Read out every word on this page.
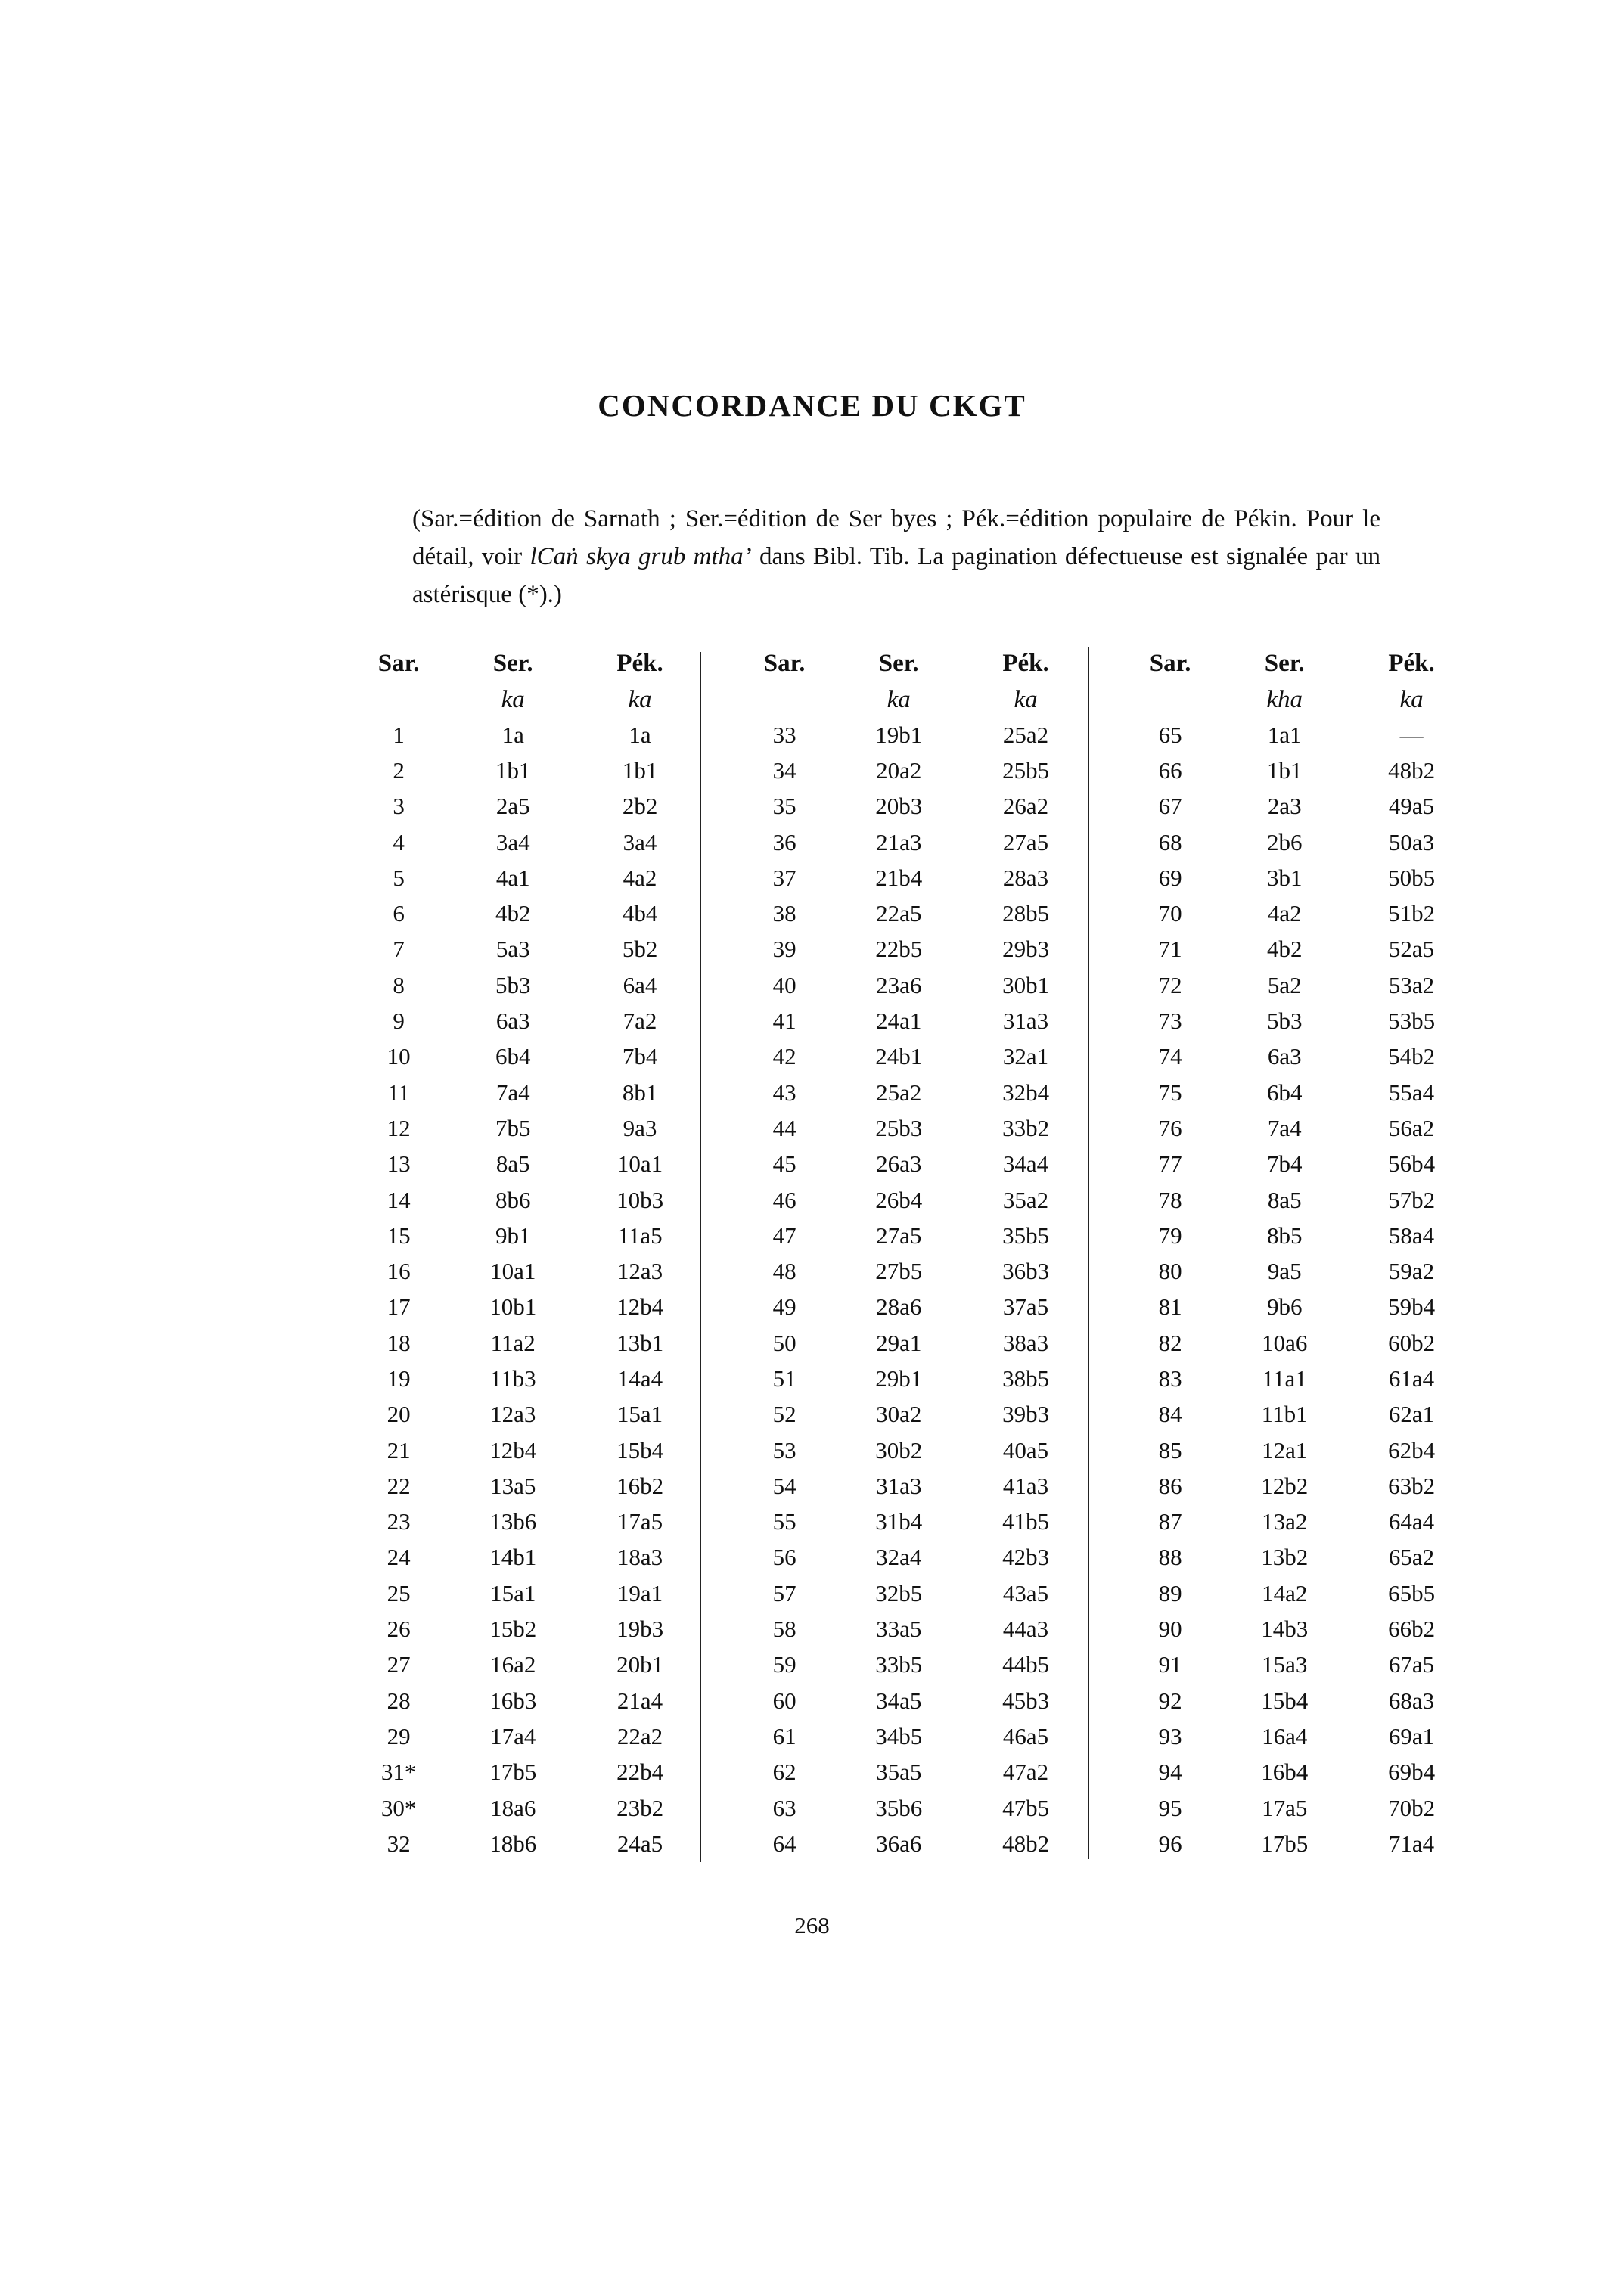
CONCORDANCE DU CKGT

(Sar.=édition de Sarnath ; Ser.=édition de Ser byes ; Pék.=édition populaire de Pékin. Pour le détail, voir lCaṅ skya grub mtha’ dans Bibl. Tib. La pagination défectueuse est signalée par un astérisque (*).)

Sar.	Ser.	Pék.
	ka	ka
1	1a	1a
2	1b1	1b1
3	2a5	2b2
4	3a4	3a4
5	4a1	4a2
6	4b2	4b4
7	5a3	5b2
8	5b3	6a4
9	6a3	7a2
10	6b4	7b4
11	7a4	8b1
12	7b5	9a3
13	8a5	10a1
14	8b6	10b3
15	9b1	11a5
16	10a1	12a3
17	10b1	12b4
18	11a2	13b1
19	11b3	14a4
20	12a3	15a1
21	12b4	15b4
22	13a5	16b2
23	13b6	17a5
24	14b1	18a3
25	15a1	19a1
26	15b2	19b3
27	16a2	20b1
28	16b3	21a4
29	17a4	22a2
31*	17b5	22b4
30*	18a6	23b2
32	18b6	24a5
Sar.	Ser.	Pék.
	ka	ka
33	19b1	25a2
34	20a2	25b5
35	20b3	26a2
36	21a3	27a5
37	21b4	28a3
38	22a5	28b5
39	22b5	29b3
40	23a6	30b1
41	24a1	31a3
42	24b1	32a1
43	25a2	32b4
44	25b3	33b2
45	26a3	34a4
46	26b4	35a2
47	27a5	35b5
48	27b5	36b3
49	28a6	37a5
50	29a1	38a3
51	29b1	38b5
52	30a2	39b3
53	30b2	40a5
54	31a3	41a3
55	31b4	41b5
56	32a4	42b3
57	32b5	43a5
58	33a5	44a3
59	33b5	44b5
60	34a5	45b3
61	34b5	46a5
62	35a5	47a2
63	35b6	47b5
64	36a6	48b2
Sar.	Ser.	Pék.
	kha	ka
65	1a1	—
66	1b1	48b2
67	2a3	49a5
68	2b6	50a3
69	3b1	50b5
70	4a2	51b2
71	4b2	52a5
72	5a2	53a2
73	5b3	53b5
74	6a3	54b2
75	6b4	55a4
76	7a4	56a2
77	7b4	56b4
78	8a5	57b2
79	8b5	58a4
80	9a5	59a2
81	9b6	59b4
82	10a6	60b2
83	11a1	61a4
84	11b1	62a1
85	12a1	62b4
86	12b2	63b2
87	13a2	64a4
88	13b2	65a2
89	14a2	65b5
90	14b3	66b2
91	15a3	67a5
92	15b4	68a3
93	16a4	69a1
94	16b4	69b4
95	17a5	70b2
96	17b5	71a4
268
